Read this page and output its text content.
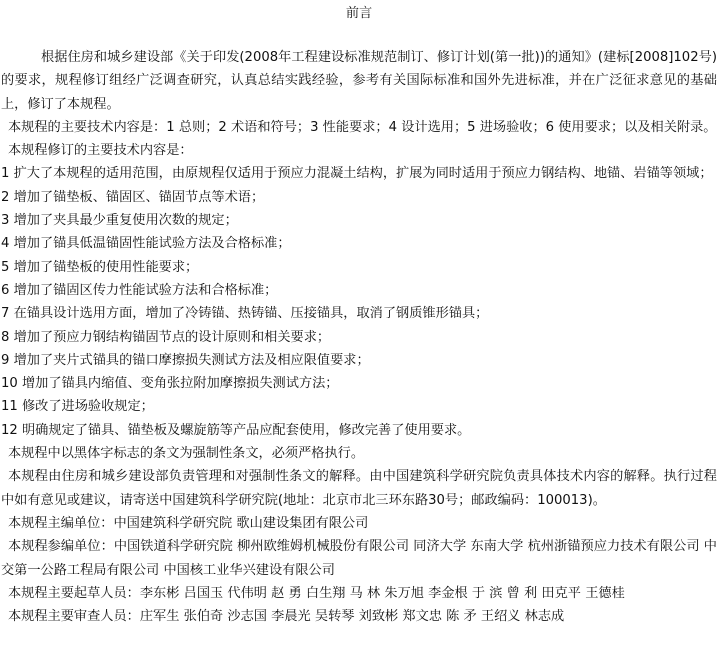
前言

根据住房和城乡建设部《关于印发(2008年工程建设标准规范制订、修订计划(第一批))的通知》(建标[2008]102号)的要求，规程修订组经广泛调查研究，认真总结实践经验，参考有关国际标准和国外先进标准，并在广泛征求意见的基础上，修订了本规程。

本规程的主要技术内容是：1 总则；2 术语和符号；3 性能要求；4 设计选用；5 进场验收；6 使用要求；以及相关附录。

本规程修订的主要技术内容是：

1 扩大了本规程的适用范围，由原规程仅适用于预应力混凝土结构，扩展为同时适用于预应力钢结构、地锚、岩锚等领域；

2 增加了锚垫板、锚固区、锚固节点等术语；

3 增加了夹具最少重复使用次数的规定；

4 增加了锚具低温锚固性能试验方法及合格标准；

5 增加了锚垫板的使用性能要求；

6 增加了锚固区传力性能试验方法和合格标准；

7 在锚具设计选用方面，增加了冷铸锚、热铸锚、压接锚具，取消了钢质锥形锚具；

8 增加了预应力钢结构锚固节点的设计原则和相关要求；

9 增加了夹片式锚具的锚口摩擦损失测试方法及相应限值要求；

10 增加了锚具内缩值、变角张拉附加摩擦损失测试方法；

11 修改了进场验收规定；

12 明确规定了锚具、锚垫板及螺旋筋等产品应配套使用，修改完善了使用要求。

本规程中以黑体字标志的条文为强制性条文，必须严格执行。

本规程由住房和城乡建设部负责管理和对强制性条文的解释。由中国建筑科学研究院负责具体技术内容的解释。执行过程中如有意见或建议，请寄送中国建筑科学研究院(地址：北京市北三环东路30号；邮政编码：100013)。

本规程主编单位：中国建筑科学研究院 歌山建设集团有限公司

本规程参编单位：中国铁道科学研究院 柳州欧维姆机械股份有限公司 同济大学 东南大学 杭州浙锚预应力技术有限公司 中交第一公路工程局有限公司 中国核工业华兴建设有限公司

本规程主要起草人员：李东彬 吕国玉 代伟明 赵 勇 白生翔 马 林 朱万旭 李金根 于 滨 曾 利 田克平 王德桂

本规程主要审查人员：庄军生 张伯奇 沙志国 李晨光 吴转琴 刘致彬 郑文忠 陈 矛 王绍义 林志成
